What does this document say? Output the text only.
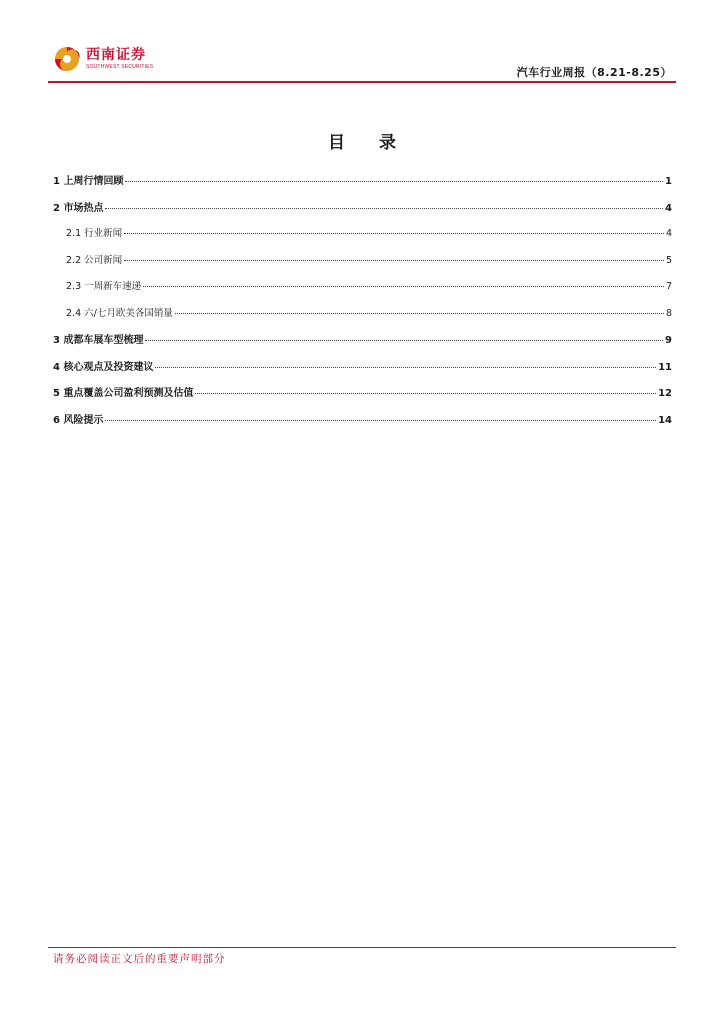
西南证券
SOUTHWEST SECURITIES	汽车行业周报（8.21-8.25）
目 录
1 上周行情回顾	1
2 市场热点	4
2.1 行业新闻	4
2.2 公司新闻	5
2.3 一周新车速递	7
2.4 六/七月欧美各国销量	8
3 成都车展车型梳理	9
4 核心观点及投资建议	11
5 重点覆盖公司盈利预测及估值	12
6 风险提示	14
请务必阅读正文后的重要声明部分
